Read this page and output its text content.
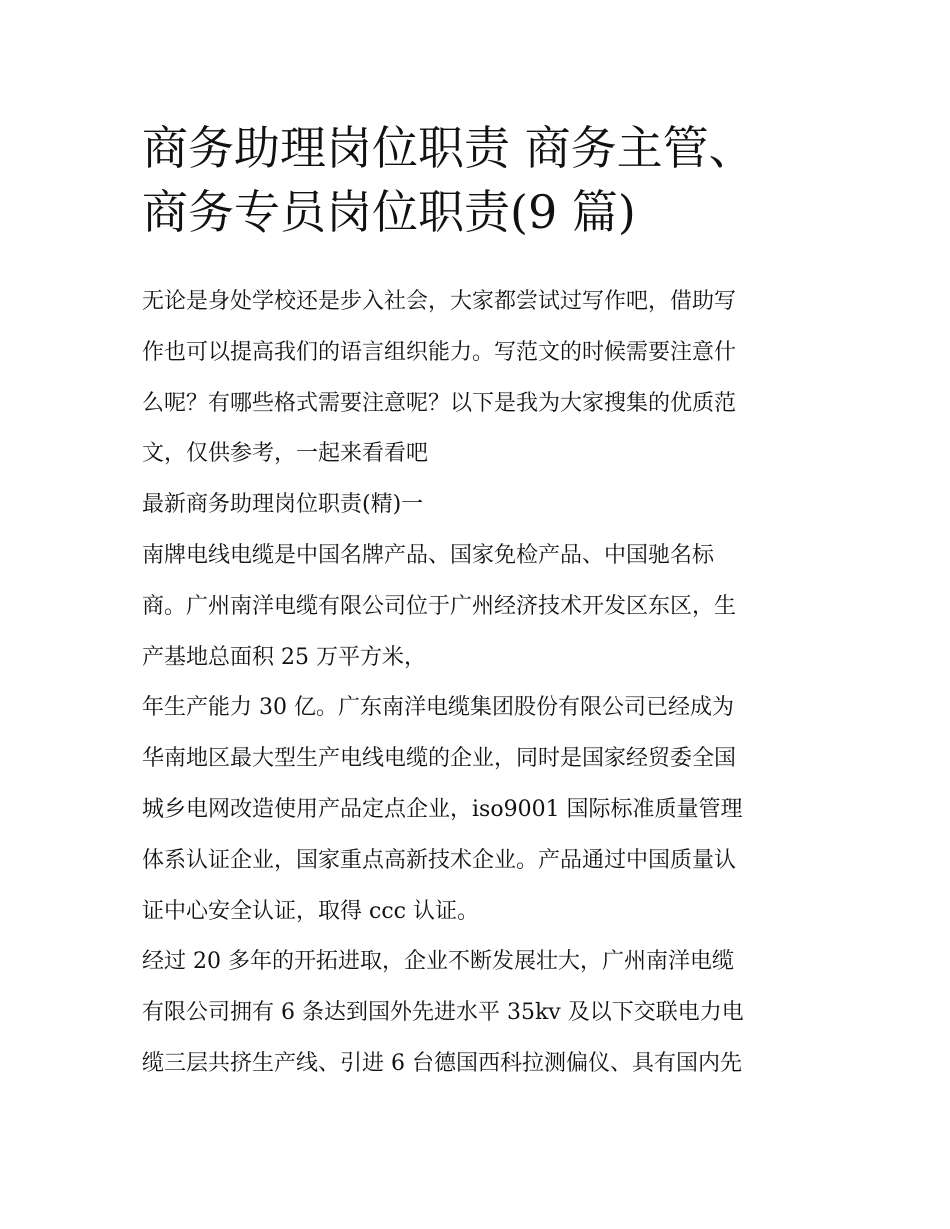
商务助理岗位职责 商务主管、
商务专员岗位职责(9 篇)
无论是身处学校还是步入社会，大家都尝试过写作吧，借助写
作也可以提高我们的语言组织能力。写范文的时候需要注意什
么呢？有哪些格式需要注意呢？以下是我为大家搜集的优质范
文，仅供参考，一起来看看吧
最新商务助理岗位职责(精)一
南牌电线电缆是中国名牌产品、国家免检产品、中国驰名标
商。广州南洋电缆有限公司位于广州经济技术开发区东区，生
产基地总面积 25 万平方米，
年生产能力 30 亿。广东南洋电缆集团股份有限公司已经成为
华南地区最大型生产电线电缆的企业，同时是国家经贸委全国
城乡电网改造使用产品定点企业，iso9001 国际标准质量管理
体系认证企业，国家重点高新技术企业。产品通过中国质量认
证中心安全认证，取得 ccc 认证。
经过 20 多年的开拓进取，企业不断发展壮大，广州南洋电缆
有限公司拥有 6 条达到国外先进水平 35kv 及以下交联电力电
缆三层共挤生产线、引进 6 台德国西科拉测偏仪、具有国内先
